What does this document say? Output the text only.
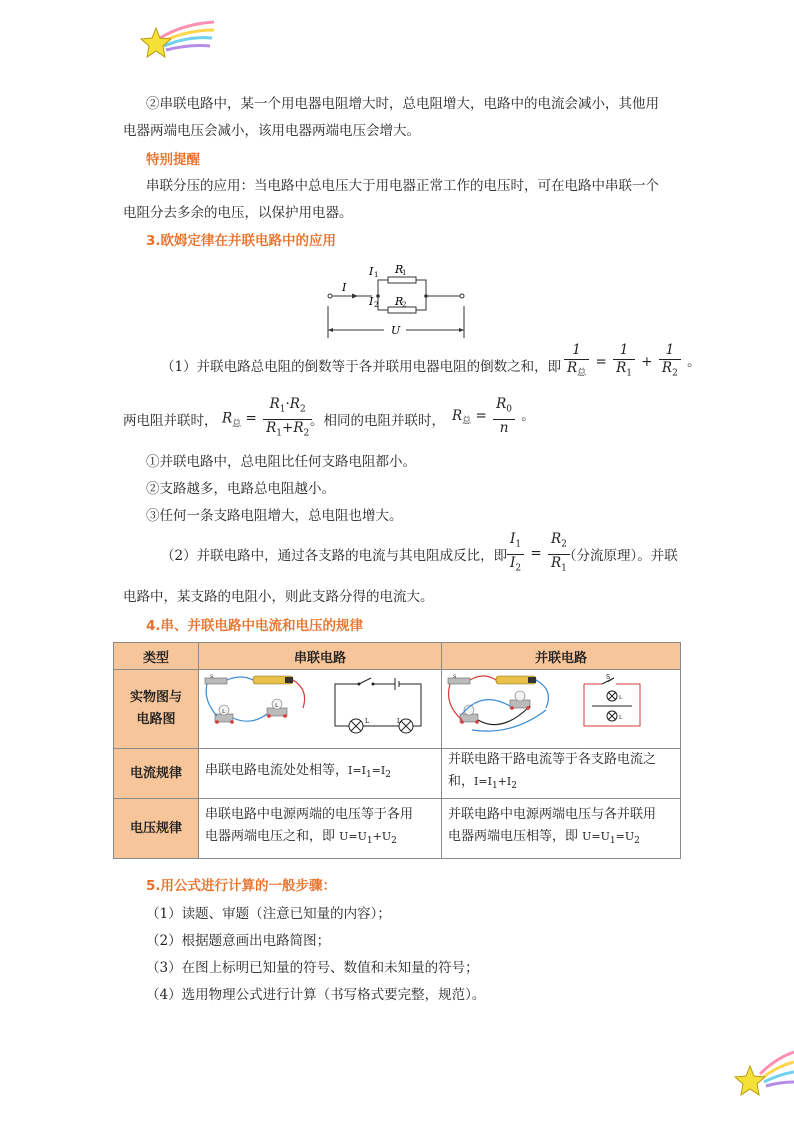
②串联电路中，某一个用电器电阻增大时，总电阻增大，电路中的电流会减小，其他用
电器两端电压会减小，该用电器两端电压会增大。
特别提醒
串联分压的应用：当电路中总电压大于用电器正常工作的电压时，可在电路中串联一个
电阻分去多余的电压，以保护用电器。
3.欧姆定律在并联电路中的应用
I
I 1 R
1
I 2 R
2
U
（1）并联电路总电阻的倒数等于各并联用电器电阻的倒数之和，即 $\frac{1}{R_总} = \frac{1}{R_1} + \frac{1}{R_2}$ 。
两电阻并联时， $R_总 = \frac{R_1\cdot R_2}{R_1+R_2}$
。相同的电阻并联时， $R_总 = \frac{R_0}{n}$ 。
①并联电路中，总电阻比任何支路电阻都小。
②支路越多，电路总电阻越小。
③任何一条支路电阻增大，总电阻也增大。
（2）并联电路中，通过各支路的电流与其电阻成反比，即 $\frac{I_1}{I_2} = \frac{R_2}{R_1}$
（分流原理）。并联
电路中，某支路的电阻小，则此支路分得的电流大。
4.串、并联电路中电流和电压的规律
类型	串联电路	并联电路
实物图与
电路图	S
L
L
L L	S S
L
L

电流规律	串联电路电流处处相等，$I=I_1=I_2$	并联电路干路电流等于各支路电流之
和，$I=I_1+I_2$
电压规律	串联电路中电源两端的电压等于各用
电器两端电压之和，即 $U=U_1+U_2$	并联电路中电源两端电压与各并联用
电器两端电压相等，即 $U=U_1=U_2$
5.用公式进行计算的一般步骤：
（1）读题、审题（注意已知量的内容）；
（2）根据题意画出电路简图；
（3）在图上标明已知量的符号、数值和未知量的符号；
（4）选用物理公式进行计算（书写格式要完整，规范）。
